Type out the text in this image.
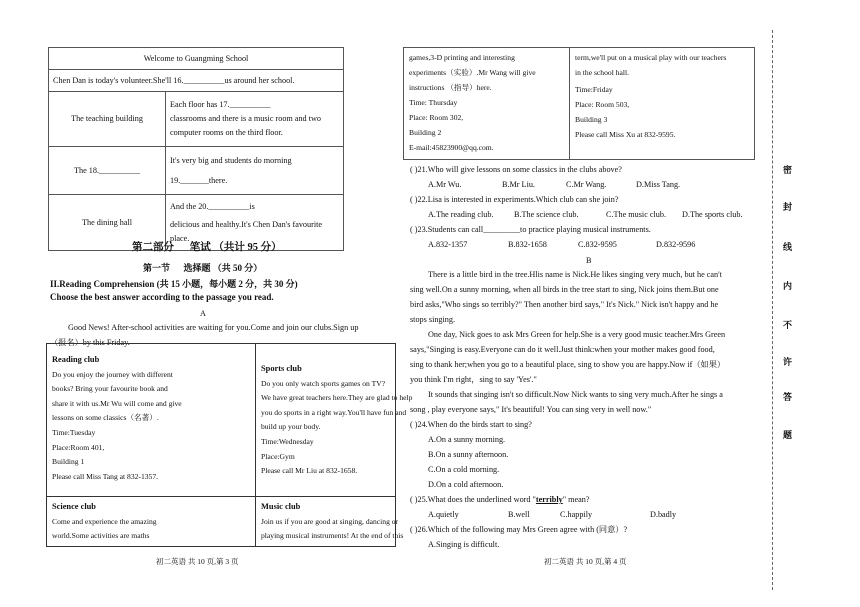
Welcome to Guangming School	
Chen Dan is today's volunteer.She'll 16.__________us around her school.	
The teaching building	Each floor has 17.__________
classrooms and there is a music room and two
computer rooms on the third floor.

The 18.__________	It's very big and students do morning
19._______there.

The dining hall	And the 20.__________is
delicious and healthy.It's Chen Dan's favourite
place.
第二部分      笔试 （共计 95 分）
第一节      选择题 （共 50 分）
II.Reading Comprehension (共 15 小题，每小题 2 分，共 30 分)
Choose the best answer according to the passage you read.
A
Good News! After-school activities are waiting for you.Come and join our clubs.Sign up
（报名）by this Friday.
Reading club
Do you enjoy the journey with different
books? Bring your favourite book and
share it with us.Mr Wu will come and give
lessons on some classics（名著）.
Time:Tuesday
Place:Room 401,
Building 1
Please call Miss Tang at 832-1357.
Sports club
Do you only watch sports games on TV?
We have great teachers here.They are glad to help
you do sports in a right way.You'll have fun and
build up your body.
Time:Wednesday
Place:Gym
Please call Mr Liu at 832-1658.
Science club
Come and experience the amazing
world.Some activities are maths
Music club
Join us if you are good at singing, dancing or
playing musical instruments! At the end of this
初二英语 共 10 页,第 3 页
games,3-D printing and interesting
experiments（实验）.Mr Wang will give
instructions （指导）here.
Time: Thursday
Place: Room 302,
Building 2
E-mail:45823900@qq.com.

term,we'll put on a musical play with our teachers
in the school hall.
Time:Friday
Place: Room 503,
Building 3
Please call Miss Xu at 832-9595.
( )21.Who will give lessons on some classics in the clubs above?
A.Mr Wu.	B.Mr Liu.	C.Mr Wang.	D.Miss Tang.
( )22.Lisa is interested in experiments.Which club can she join?
A.The reading club.	B.The science club.	C.The music club. D.The sports club.
( )23.Students can call_________to practice playing musical instruments.
A.832-1357	B.832-1658	C.832-9595	D.832-9596
B
There is a little bird in the tree.Hlis name is Nick.He likes singing very much, but he can't
sing well.On a sunny morning, when all birds in the tree start to sing, Nick joins them.But one
bird asks,"Who sings so terribly?" Then another bird says," It's Nick." Nick isn't happy and he
stops singing.
One day, Nick goes to ask Mrs Green for help.She is a very good music teacher.Mrs Green
says,"Singing is easy.Everyone can do it well.Just think:when your mother makes good food,
sing to thank her;when you go to a beautiful place, sing to show you are happy.Now if（如果）
you think I'm right，sing to say 'Yes'."
It sounds that singing isn't so difficult.Now Nick wants to sing very much.After he sings a
song , play everyone says," It's beautiful! You can sing very in well now."
( )24.When do the birds start to sing?
A.On a sunny morning.
B.On a sunny afternoon.
C.On a cold morning.
D.On a cold afternoon.
( )25.What does the underlined word "terribly" mean?
A.quietly	B.well	C.happily	D.badly
( )26.Which of the following may Mrs Green agree with (同意）?
A.Singing is difficult.
初二英语 共 10 页,第 4 页
密
封
线
内
不
许
答
题
